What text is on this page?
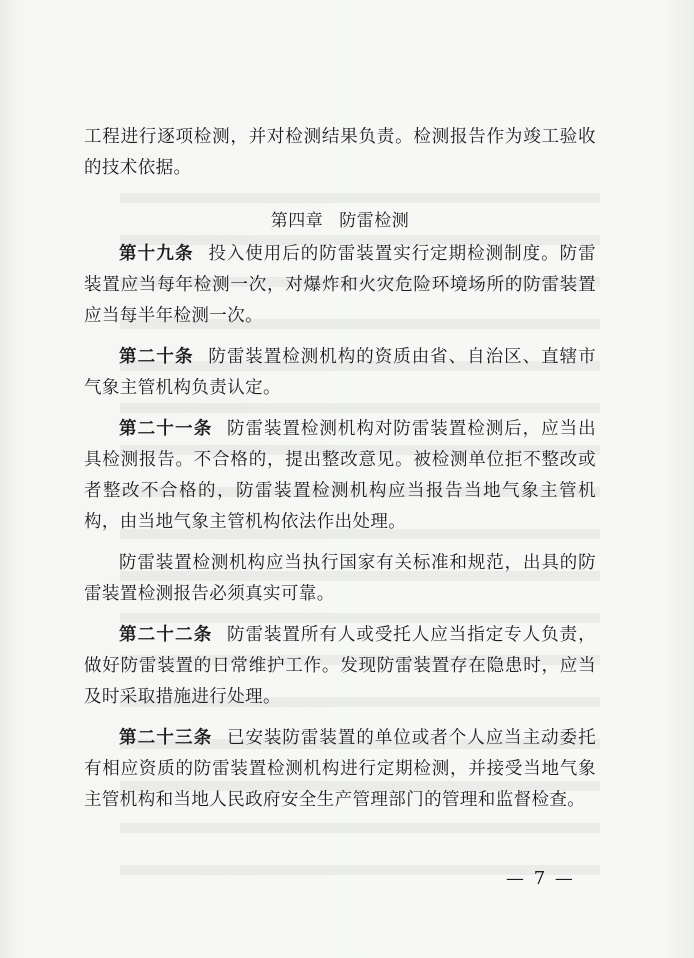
工程进行逐项检测，并对检测结果负责。检测报告作为竣工验收的技术依据。

第四章 防雷检测

第十九条 投入使用后的防雷装置实行定期检测制度。防雷装置应当每年检测一次，对爆炸和火灾危险环境场所的防雷装置应当每半年检测一次。

第二十条 防雷装置检测机构的资质由省、自治区、直辖市气象主管机构负责认定。

第二十一条 防雷装置检测机构对防雷装置检测后，应当出具检测报告。不合格的，提出整改意见。被检测单位拒不整改或者整改不合格的，防雷装置检测机构应当报告当地气象主管机构，由当地气象主管机构依法作出处理。

防雷装置检测机构应当执行国家有关标准和规范，出具的防雷装置检测报告必须真实可靠。

第二十二条 防雷装置所有人或受托人应当指定专人负责，做好防雷装置的日常维护工作。发现防雷装置存在隐患时，应当及时采取措施进行处理。

第二十三条 已安装防雷装置的单位或者个人应当主动委托有相应资质的防雷装置检测机构进行定期检测，并接受当地气象主管机构和当地人民政府安全生产管理部门的管理和监督检查。

— 7 —
